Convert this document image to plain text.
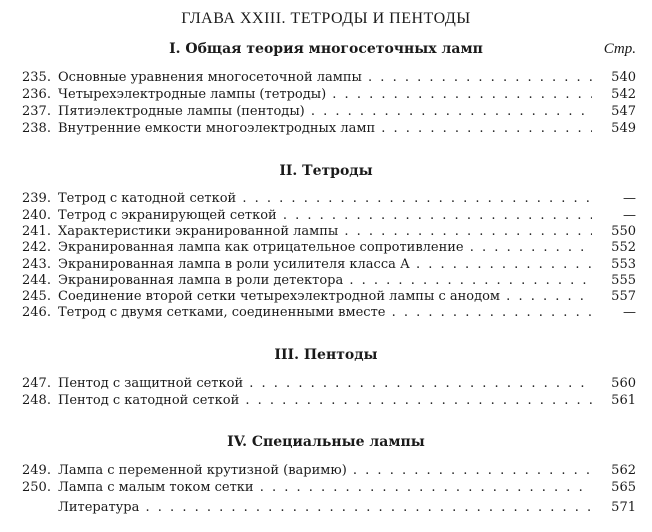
ГЛАВА XXIII. ТЕТРОДЫ И ПЕНТОДЫ
Стр.
I. Общая теория многосеточных ламп
235. Основные уравнения многосеточной лампы . . .	540
236. Четырехэлектродные лампы (тетроды) . . .	542
237. Пятиэлектродные лампы (пентоды) . . .	547
238. Внутренние емкости многоэлектродных ламп . . .	549
II. Тетроды
239. Тетрод с катодной сеткой . . .	—
240. Тетрод с экранирующей сеткой . . .	—
241. Характеристики экранированной лампы . . .	550
242. Экранированная лампа как отрицательное сопротивление . . .	552
243. Экранированная лампа в роли усилителя класса А . . .	553
244. Экранированная лампа в роли детектора . . .	555
245. Соединение второй сетки четырехэлектродной лампы с анодом . . .	557
246. Тетрод с двумя сетками, соединенными вместе . . .	—
III. Пентоды
247. Пентод с защитной сеткой . . .	560
248. Пентод с катодной сеткой . . .	561
IV. Специальные лампы
249. Лампа с переменной крутизной (варимю) . . .	562
250. Лампа с малым током сетки . . .	565
Литература . . .	571
